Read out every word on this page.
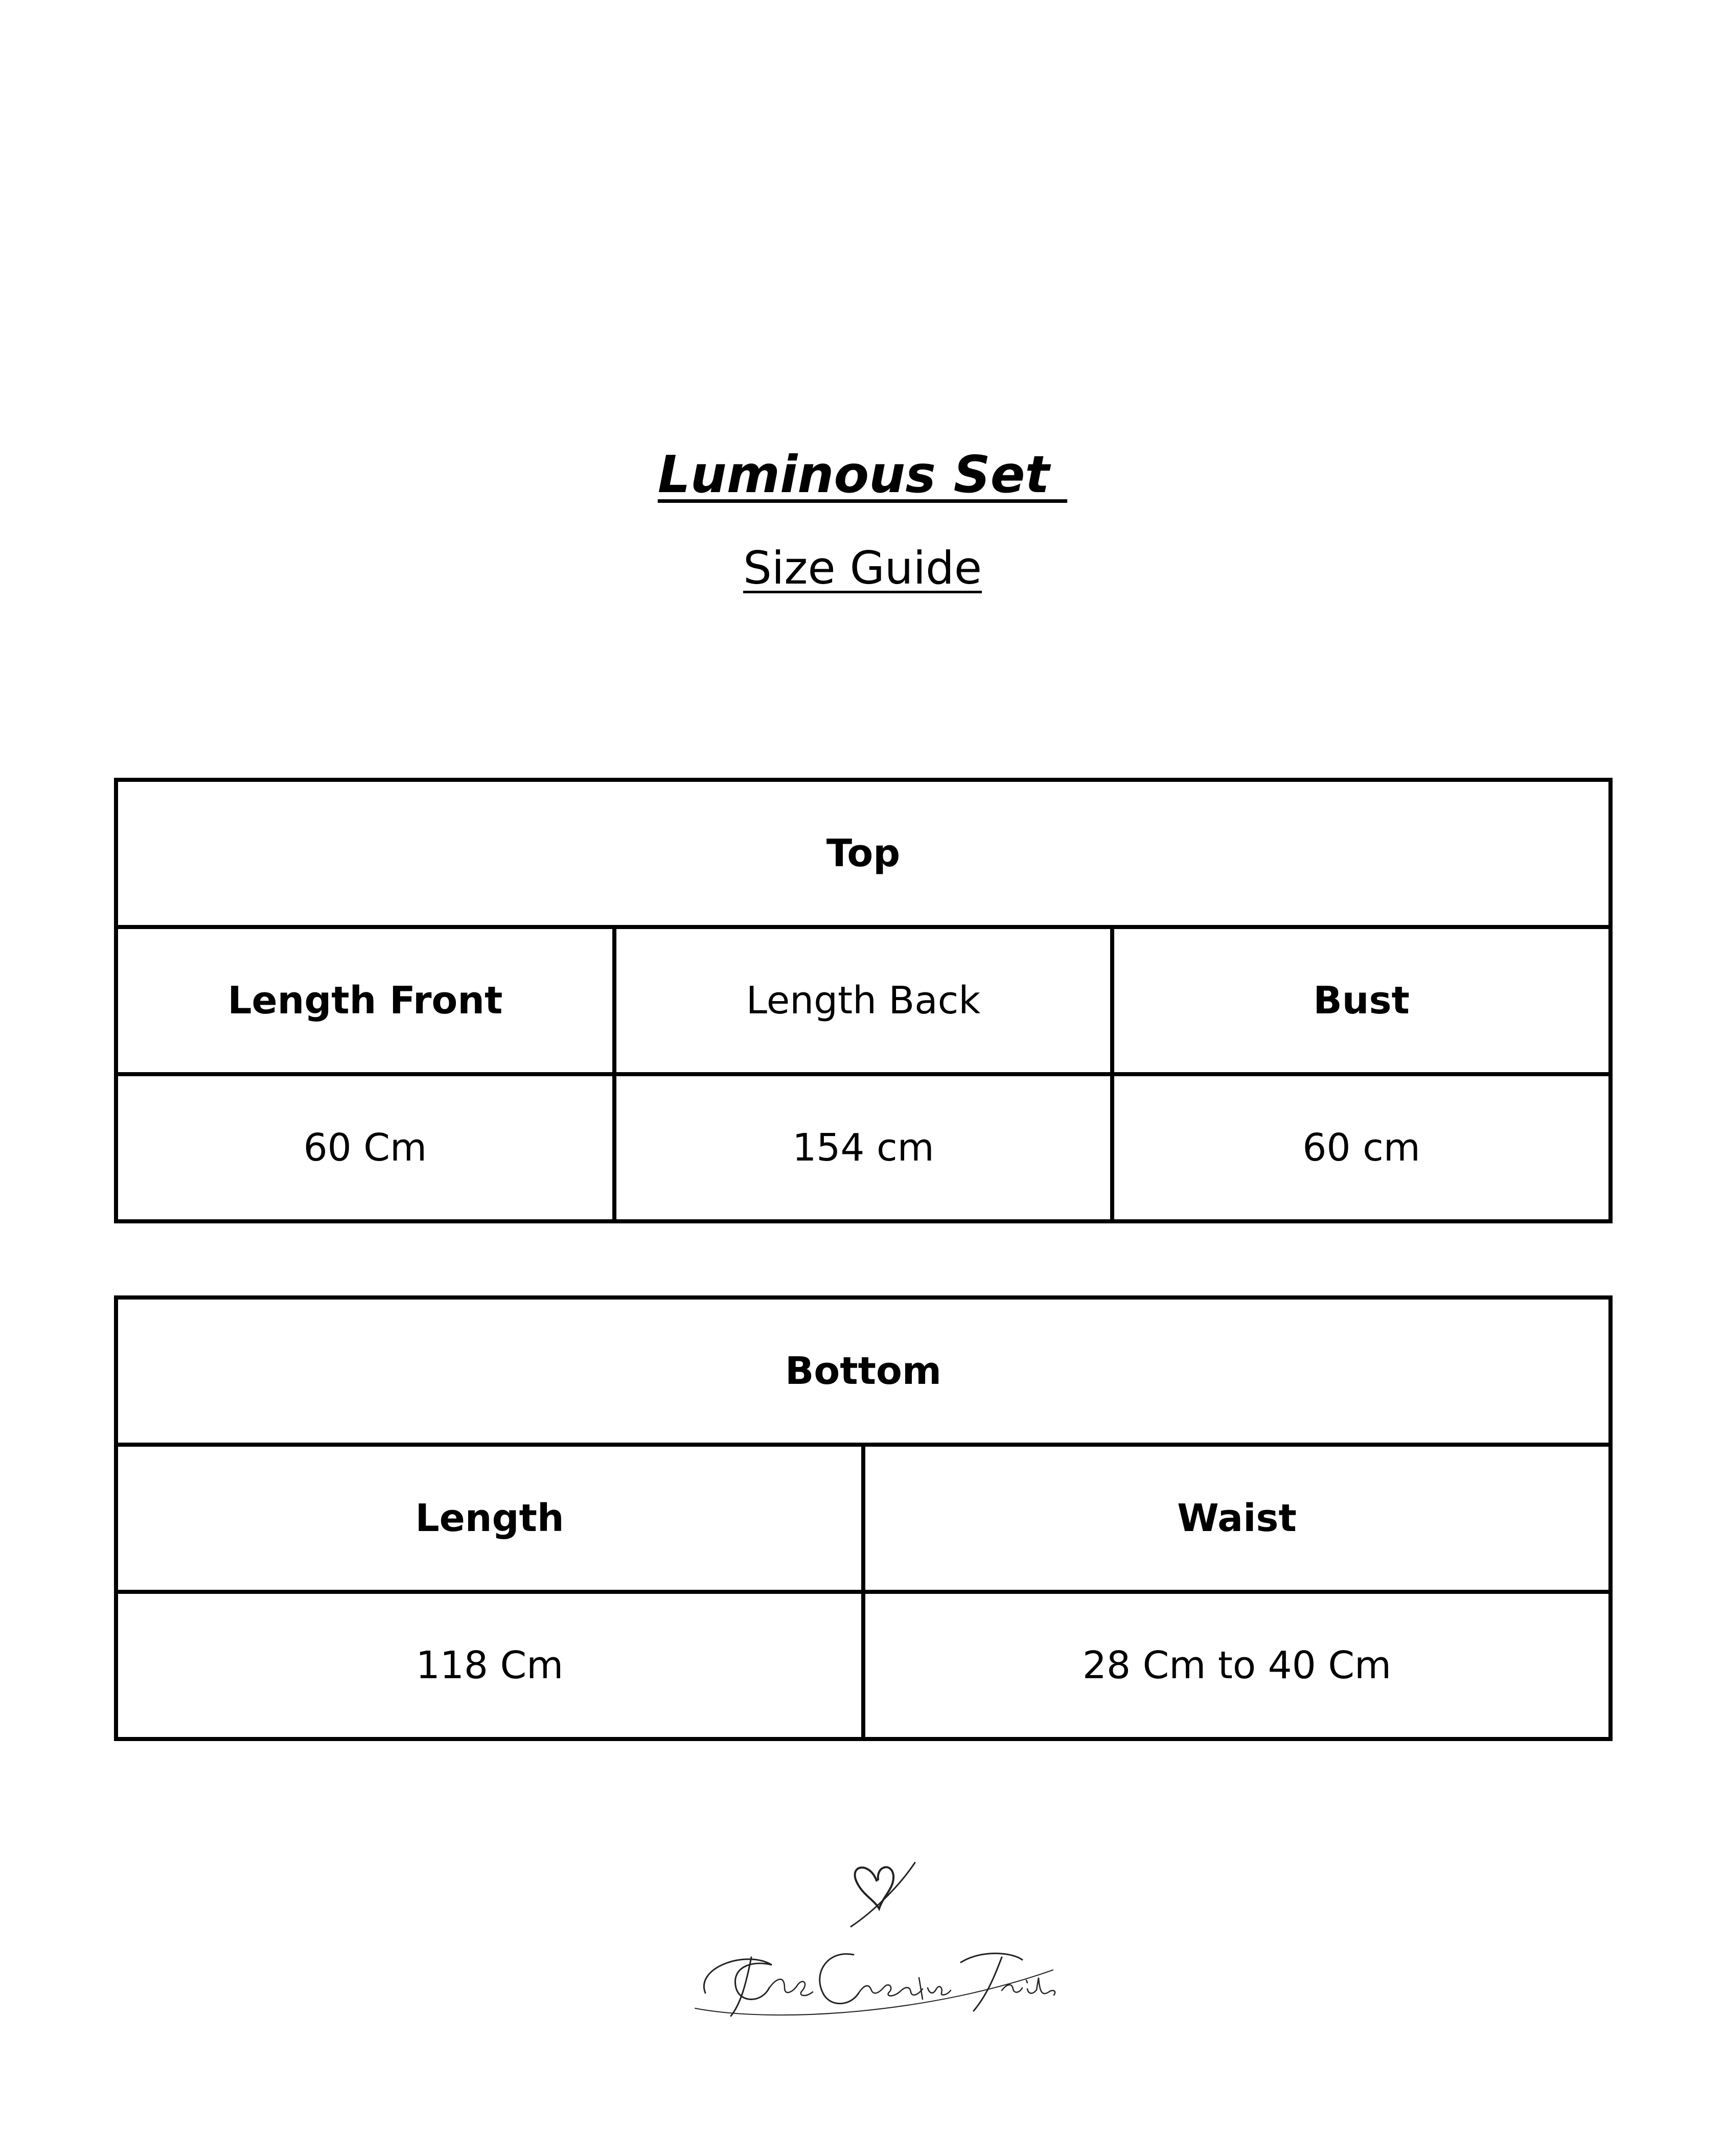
Luminous Set
Size Guide
Top		
Length Front	Length Back	Bust
60 Cm	154 cm	60 cm
Bottom	
Length	Waist
118 Cm	28 Cm to 40 Cm
